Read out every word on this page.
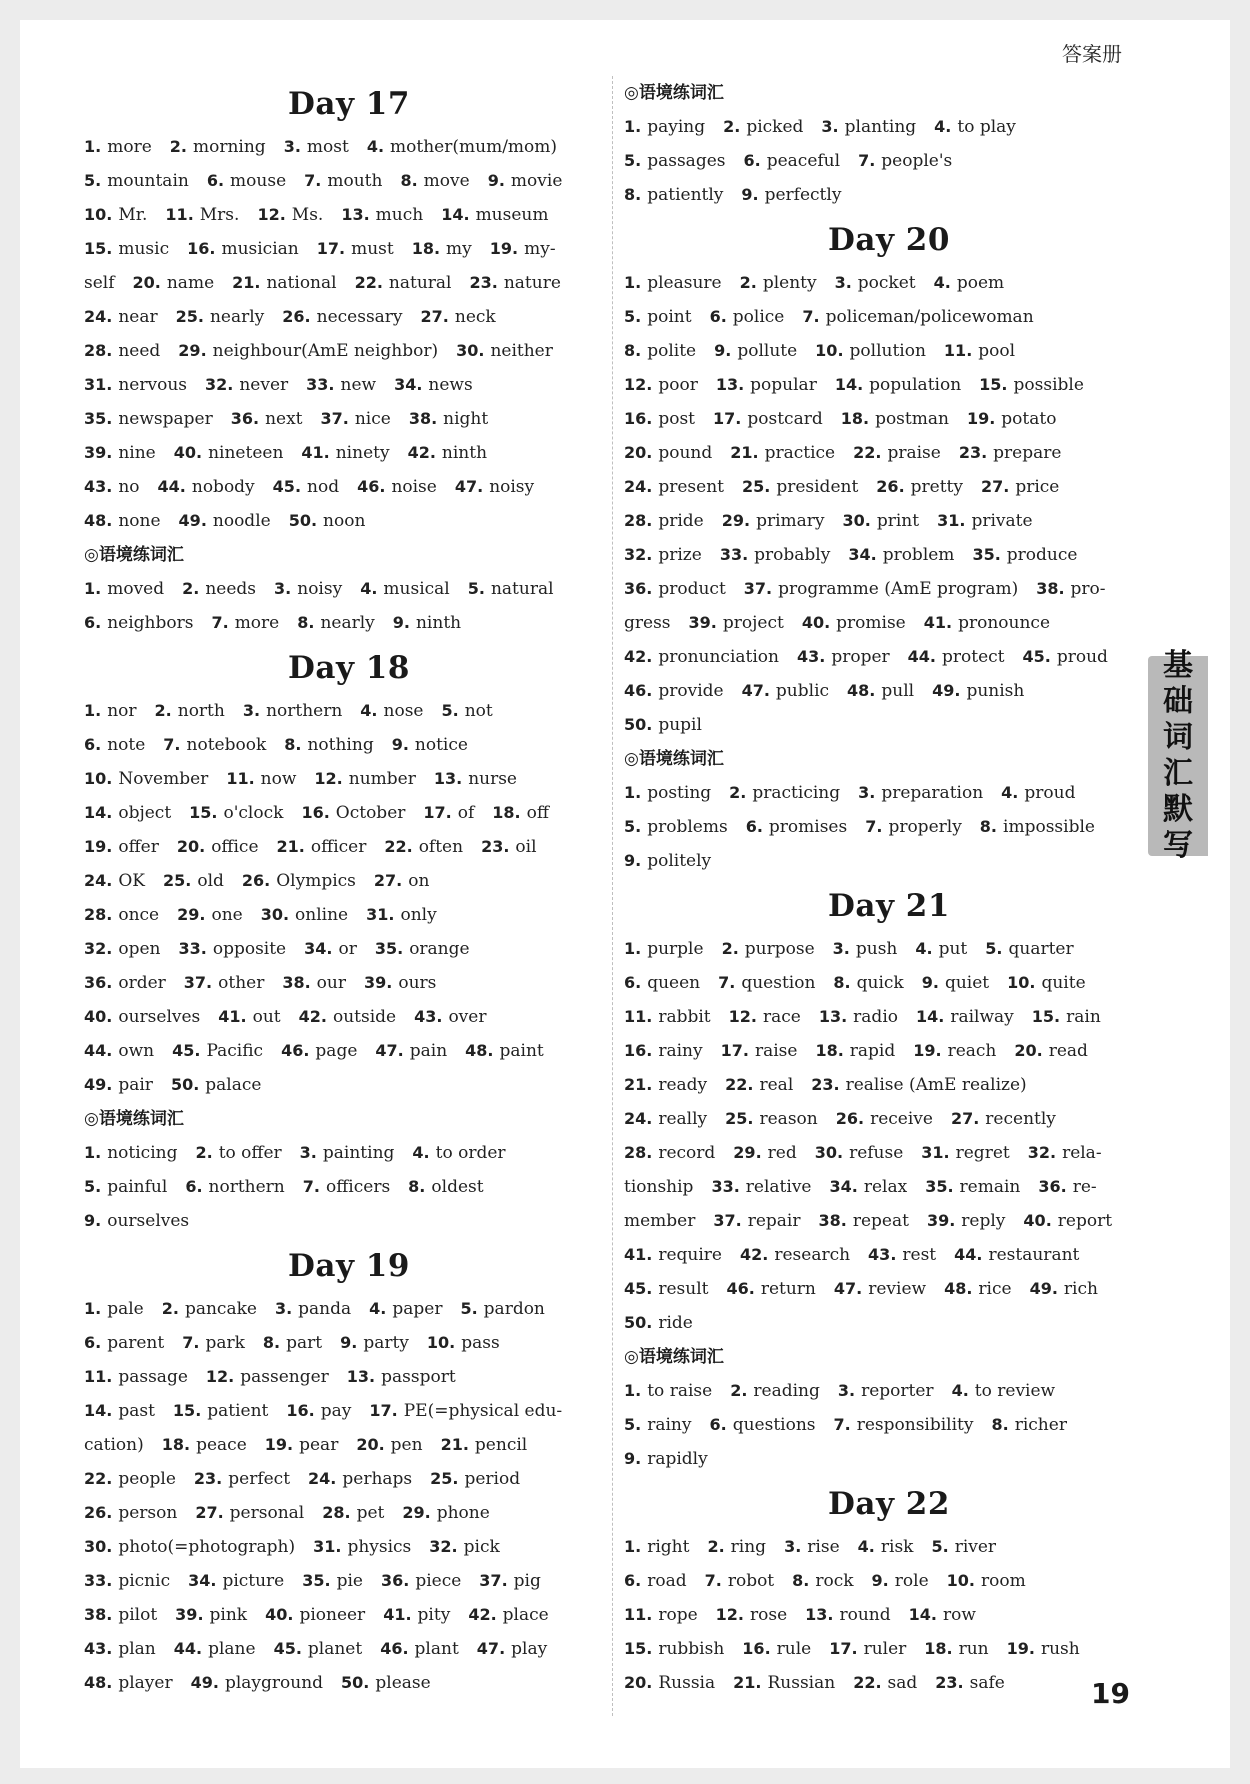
答案册
Day 17
1. more 2. morning 3. most 4. mother(mum/mom)
5. mountain 6. mouse 7. mouth 8. move 9. movie
10. Mr. 11. Mrs. 12. Ms. 13. much 14. museum
15. music 16. musician 17. must 18. my 19. my-
self 20. name 21. national 22. natural 23. nature
24. near 25. nearly 26. necessary 27. neck
28. need 29. neighbour(AmE neighbor) 30. neither
31. nervous 32. never 33. new 34. news
35. newspaper 36. next 37. nice 38. night
39. nine 40. nineteen 41. ninety 42. ninth
43. no 44. nobody 45. nod 46. noise 47. noisy
48. none 49. noodle 50. noon
◎语境练词汇
1. moved 2. needs 3. noisy 4. musical 5. natural
6. neighbors 7. more 8. nearly 9. ninth
Day 18
1. nor 2. north 3. northern 4. nose 5. not
6. note 7. notebook 8. nothing 9. notice
10. November 11. now 12. number 13. nurse
14. object 15. o'clock 16. October 17. of 18. off
19. offer 20. office 21. officer 22. often 23. oil
24. OK 25. old 26. Olympics 27. on
28. once 29. one 30. online 31. only
32. open 33. opposite 34. or 35. orange
36. order 37. other 38. our 39. ours
40. ourselves 41. out 42. outside 43. over
44. own 45. Pacific 46. page 47. pain 48. paint
49. pair 50. palace
◎语境练词汇
1. noticing 2. to offer 3. painting 4. to order
5. painful 6. northern 7. officers 8. oldest
9. ourselves
Day 19
1. pale 2. pancake 3. panda 4. paper 5. pardon
6. parent 7. park 8. part 9. party 10. pass
11. passage 12. passenger 13. passport
14. past 15. patient 16. pay 17. PE(=physical edu-
cation) 18. peace 19. pear 20. pen 21. pencil
22. people 23. perfect 24. perhaps 25. period
26. person 27. personal 28. pet 29. phone
30. photo(=photograph) 31. physics 32. pick
33. picnic 34. picture 35. pie 36. piece 37. pig
38. pilot 39. pink 40. pioneer 41. pity 42. place
43. plan 44. plane 45. planet 46. plant 47. play
48. player 49. playground 50. please
◎语境练词汇
1. paying 2. picked 3. planting 4. to play
5. passages 6. peaceful 7. people's
8. patiently 9. perfectly
Day 20
1. pleasure 2. plenty 3. pocket 4. poem
5. point 6. police 7. policeman/policewoman
8. polite 9. pollute 10. pollution 11. pool
12. poor 13. popular 14. population 15. possible
16. post 17. postcard 18. postman 19. potato
20. pound 21. practice 22. praise 23. prepare
24. present 25. president 26. pretty 27. price
28. pride 29. primary 30. print 31. private
32. prize 33. probably 34. problem 35. produce
36. product 37. programme (AmE program) 38. pro-
gress 39. project 40. promise 41. pronounce
42. pronunciation 43. proper 44. protect 45. proud
46. provide 47. public 48. pull 49. punish
50. pupil
◎语境练词汇
1. posting 2. practicing 3. preparation 4. proud
5. problems 6. promises 7. properly 8. impossible
9. politely
Day 21
1. purple 2. purpose 3. push 4. put 5. quarter
6. queen 7. question 8. quick 9. quiet 10. quite
11. rabbit 12. race 13. radio 14. railway 15. rain
16. rainy 17. raise 18. rapid 19. reach 20. read
21. ready 22. real 23. realise (AmE realize)
24. really 25. reason 26. receive 27. recently
28. record 29. red 30. refuse 31. regret 32. rela-
tionship 33. relative 34. relax 35. remain 36. re-
member 37. repair 38. repeat 39. reply 40. report
41. require 42. research 43. rest 44. restaurant
45. result 46. return 47. review 48. rice 49. rich
50. ride
◎语境练词汇
1. to raise 2. reading 3. reporter 4. to review
5. rainy 6. questions 7. responsibility 8. richer
9. rapidly
Day 22
1. right 2. ring 3. rise 4. risk 5. river
6. road 7. robot 8. rock 9. role 10. room
11. rope 12. rose 13. round 14. row
15. rubbish 16. rule 17. ruler 18. run 19. rush
20. Russia 21. Russian 22. sad 23. safe
基
础
词
汇
默
写
19
